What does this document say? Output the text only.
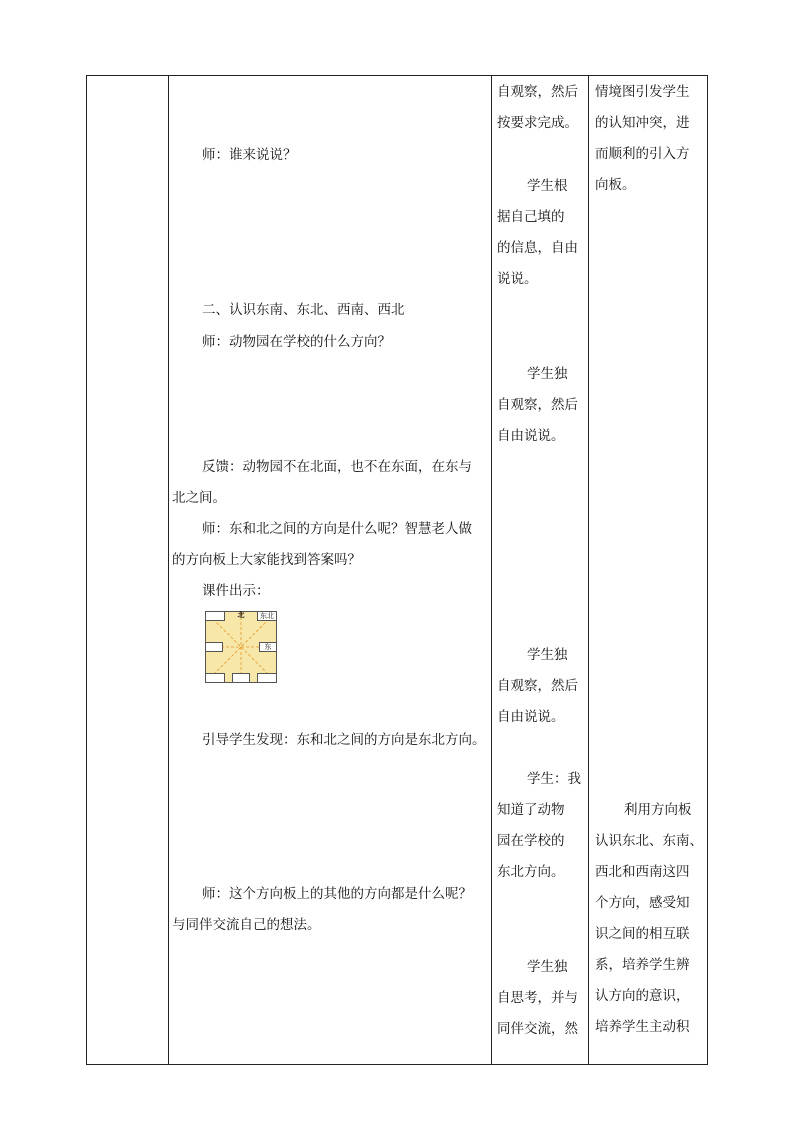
师：谁来说说？
二、认识东南、东北、西南、西北
师：动物园在学校的什么方向？
反馈：动物园不在北面，也不在东面，在东与
北之间。
师：东和北之间的方向是什么呢？智慧老人做
的方向板上大家能找到答案吗？
课件出示：
引导学生发现：东和北之间的方向是东北方向。
师：这个方向板上的其他的方向都是什么呢？
与同伴交流自己的想法。
北	东北
东
自观察，然后
按要求完成。
学生根
据自己填的
的信息，自由
说说。
学生独
自观察，然后
自由说说。
学生独
自观察，然后
自由说说。
学生：我
知道了动物
园在学校的
东北方向。
学生独
自思考，并与
同伴交流，然
情境图引发学生
的认知冲突，进
而顺利的引入方
向板。
利用方向板
认识东北、东南、
西北和西南这四
个方向，感受知
识之间的相互联
系，培养学生辨
认方向的意识，
培养学生主动积
